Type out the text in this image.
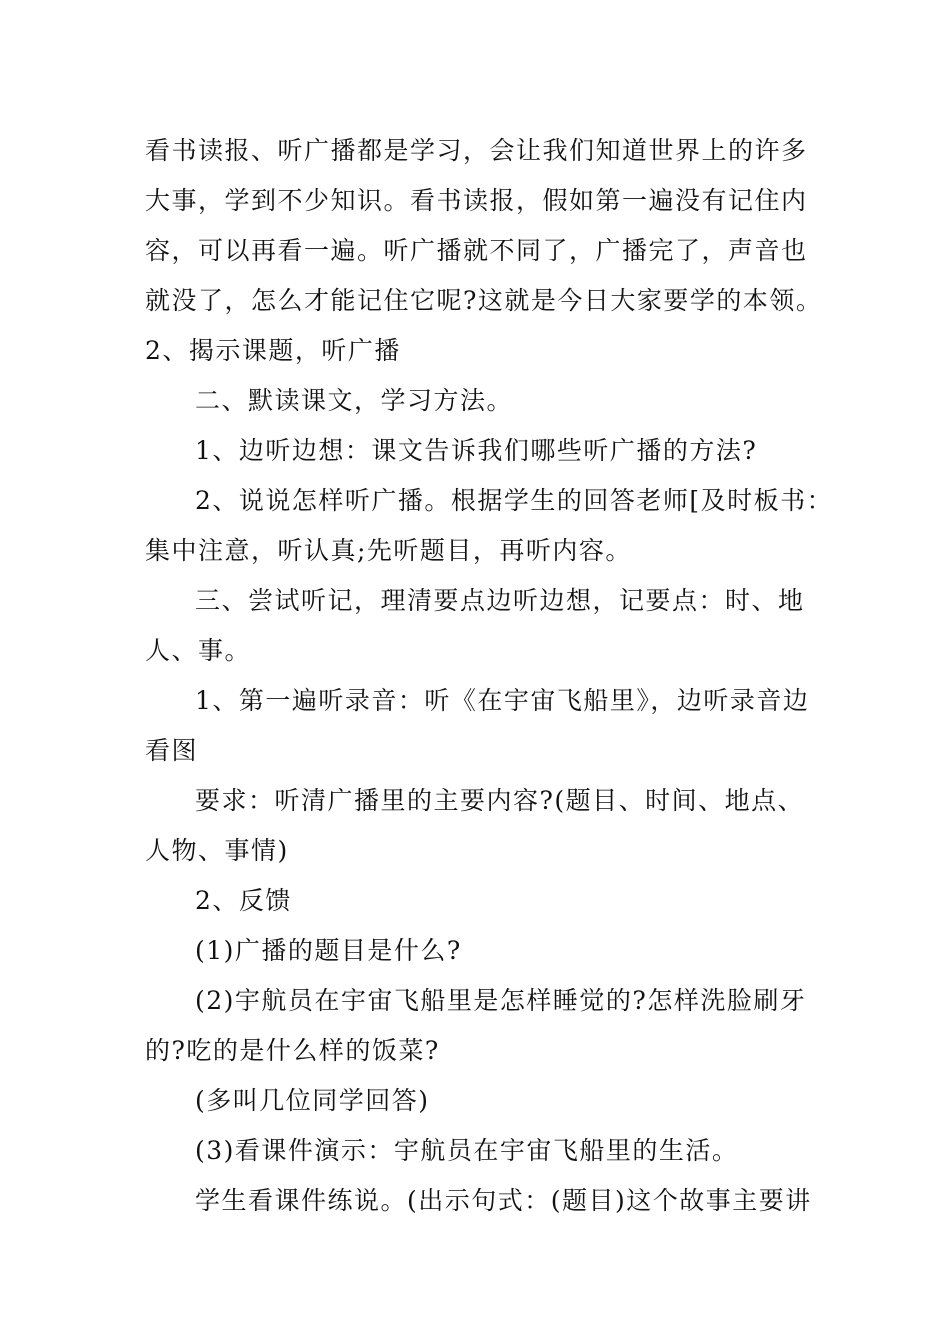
看书读报、听广播都是学习，会让我们知道世界上的许多
大事，学到不少知识。看书读报，假如第一遍没有记住内
容，可以再看一遍。听广播就不同了，广播完了，声音也
就没了，怎么才能记住它呢?这就是今日大家要学的本领。
2、揭示课题，听广播
二、默读课文，学习方法。
1、边听边想：课文告诉我们哪些听广播的方法?
2、说说怎样听广播。根据学生的回答老师[及时板书：
集中注意，听认真;先听题目，再听内容。
三、尝试听记，理清要点边听边想，记要点：时、地
人、事。
1、第一遍听录音：听《在宇宙飞船里》，边听录音边
看图
要求：听清广播里的主要内容?(题目、时间、地点、
人物、事情)
2、反馈
(1)广播的题目是什么?
(2)宇航员在宇宙飞船里是怎样睡觉的?怎样洗脸刷牙
的?吃的是什么样的饭菜?
(多叫几位同学回答)
(3)看课件演示：宇航员在宇宙飞船里的生活。
学生看课件练说。(出示句式：(题目)这个故事主要讲
